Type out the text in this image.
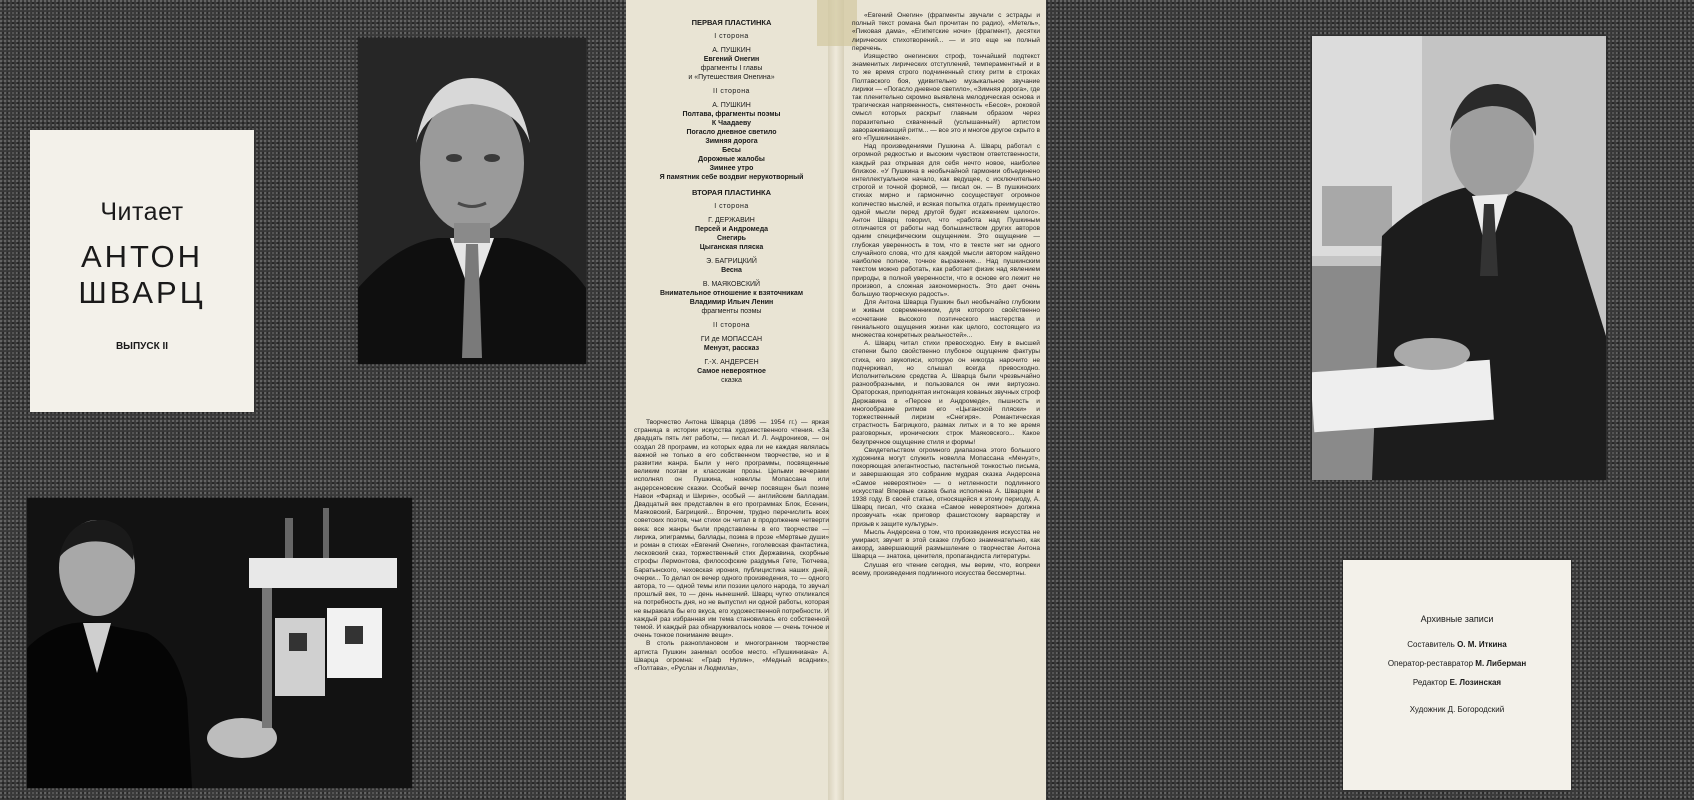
Читает
АНТОН
ШВАРЦ
ВЫПУСК II
ПЕРВАЯ ПЛАСТИНКА
I сторона
А. ПУШКИН
Евгений Онегин
фрагменты I главы
и «Путешествия Онегина»
II сторона
А. ПУШКИН
Полтава, фрагменты поэмы
К Чаадаеву
Погасло дневное светило
Зимняя дорога
Бесы
Дорожные жалобы
Зимнее утро
Я памятник себе воздвиг нерукотворный
ВТОРАЯ ПЛАСТИНКА
I сторона
Г. ДЕРЖАВИН
Персей и Андромеда
Снегирь
Цыганская пляска
Э. БАГРИЦКИЙ
Весна
В. МАЯКОВСКИЙ
Внимательное отношение к взяточникам
Владимир Ильич Ленин
фрагменты поэмы
II сторона
ГИ де МОПАССАН
Менуэт, рассказ
Г.-Х. АНДЕРСЕН
Самое невероятное
сказка

Творчество Антона Шварца (1896 — 1954 гг.) — яркая страница в истории искусства художественного чтения. «За двадцать пять лет работы, — писал И. Л. Андроников, — он создал 28 программ, из которых едва ли не каждая являлась важной не только в его собственном творчестве, но и в развитии жанра. Были у него программы, посвященные великим поэтам и классикам прозы. Целыми вечерами исполнял он Пушкина, новеллы Мопассана или андерсеновские сказки. Особый вечер посвящен был поэме Навои «Фархад и Ширин», особый — английским балладам. Двадцатый век представлен в его программах Блок, Есенин, Маяковский, Багрицкий... Впрочем, трудно перечислить всех советских поэтов, чьи стихи он читал в продолжение четверти века: все жанры были представлены в его творчестве — лирика, эпиграммы, баллады, поэма в прозе «Мертвые души» и роман в стихах «Евгений Онегин», гоголевская фантастика, лесковский сказ, торжественный стих Державина, скорбные строфы Лермонтова, философские раздумья Гете, Тютчева, Баратынского, чеховская ирония, публицистика наших дней, очерки... То делал он вечер одного произведения, то — одного автора, то — одной темы или поэзии целого народа, то звучал прошлый век, то — день нынешний. Шварц чутко откликался на потребность дня, но не выпустил ни одной работы, которая не выражала бы его вкуса, его художественной потребности. И каждый раз избранная им тема становилась его собственной темой. И каждый раз обнаруживалось новое — очень точное и очень тонкое понимание вещи».

В столь разноплановом и многогранном творчестве артиста Пушкин занимал особое место. «Пушкиниана» А. Шварца огромна: «Граф Нулин», «Медный всадник», «Полтава», «Руслан и Людмила»,

«Евгений Онегин» (фрагменты звучали с эстрады и полный текст романа был прочитан по радио), «Метель», «Пиковая дама», «Египетские ночи» (фрагмент), десятки лирических стихотворений... — и это еще не полный перечень.

Изящество онегинских строф, тончайший подтекст знаменитых лирических отступлений, темпераментный и в то же время строго подчиненный стиху ритм в строках Полтавского боя, удивительно музыкальное звучание лирики — «Погасло дневное светило», «Зимняя дорога», где так пленительно скромно выявлена мелодическая основа и трагическая напряженность, смятенность «Бесов», роковой смысл которых раскрыт главным образом через поразительно схваченный (услышанный!) артистом завораживающий ритм... — все это и многое другое скрыто в его «Пушкиниане».

Над произведениями Пушкина А. Шварц работал с огромной редкостью и высоким чувством ответственности, каждый раз открывая для себя нечто новое, наиболее близкое. «У Пушкина в необычайной гармонии объединено интеллектуальное начало, как ведущее, с исключительно строгой и точной формой, — писал он. — В пушкинских стихах мирно и гармонично сосуществует огромное количество мыслей, и всякая попытка отдать преимущество одной мысли перед другой будет искажением целого». Антон Шварц говорил, что «работа над Пушкиным отличается от работы над большинством других авторов одним специфическим ощущением. Это ощущение — глубокая уверенность в том, что в тексте нет ни одного случайного слова, что для каждой мысли автором найдено наиболее полное, точное выражение... Над пушкинским текстом можно работать, как работает физик над явлением природы, в полной уверенности, что в основе его лежит не произвол, а сложная закономерность. Это дает очень большую творческую радость».

Для Антона Шварца Пушкин был необычайно глубоким и живым современником, для которого свойственно «сочетание высокого поэтического мастерства и гениального ощущения жизни как целого, состоящего из множества конкретных реальностей»...

А. Шварц читал стихи превосходно. Ему в высшей степени было свойственно глубокое ощущение фактуры стиха, его звукописи, которую он никогда нарочито не подчеркивал, но слышал всегда превосходно. Исполнительские средства А. Шварца были чрезвычайно разнообразными, и пользовался он ими виртуозно. Ораторская, приподнятая интонация кованых звучных строф Державина в «Персее и Андромеде», пышность и многообразие ритмов его «Цыганской пляски» и торжественный лиризм «Снегиря». Романтическая страстность Багрицкого, размах литых и в то же время разговорных, иронических строк Маяковского... Какое безупречное ощущение стиля и формы!

Свидетельством огромного диапазона этого большого художника могут служить новелла Мопассана «Менуэт», покоряющая элегантностью, пастельной тонкостью письма, и завершающая это собрание мудрая сказка Андерсена «Самое невероятное» — о нетленности подлинного искусства! Впервые сказка была исполнена А. Шварцем в 1938 году. В своей статье, относящейся к этому периоду, А. Шварц писал, что сказка «Самое невероятное» должна прозвучать «как приговор фашистскому варварству и призыв к защите культуры».

Мысль Андерсена о том, что произведения искусства не умирают, звучит в этой сказке глубоко знаменательно, как аккорд, завершающий размышление о творчестве Антона Шварца — знатока, ценителя, пропагандиста литературы.

Слушая его чтение сегодня, мы верим, что, вопреки всему, произведения подлинного искусства бессмертны.

Архивные записи
Составитель О. М. Иткина
Оператор-реставратор М. Либерман
Редактор Е. Лозинская
Художник Д. Богородский
